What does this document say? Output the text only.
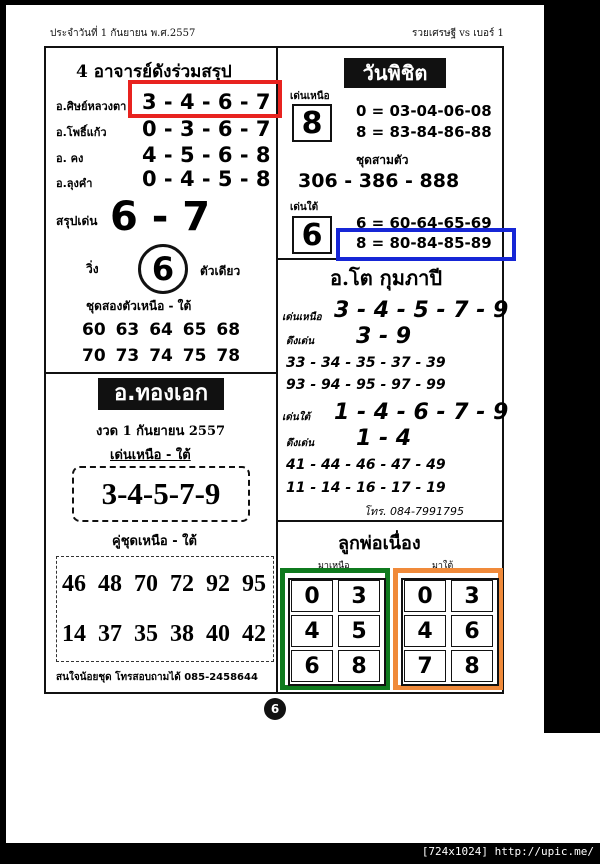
ประจำวันที่ 1 กันยายน พ.ศ.2557	รวยเศรษฐี vs เบอร์ 1
4 อาจารย์ดังร่วมสรุป
อ.ศิษย์หลวงตา 3 - 4 - 6 - 7
อ.โพธิ์แก้ว 0 - 3 - 6 - 7
อ. คง	4 - 5 - 6 - 8
อ.ลุงคำ 0 - 4 - 5 - 8
สรุปเด่น 6 - 7
วิ่ง	6	ตัวเดียว
ชุดสองตัวเหนือ - ใต้
60 63 64 65 68
70 73 74 75 78
อ.ทองเอก
งวด 1 กันยายน 2557
เด่นเหนือ - ใต้
3-4-5-7-9
คู่ชุดเหนือ - ใต้
46 48 70 72 92 95
14 37 35 38 40 42
สนใจน้อยชุด โทรสอบถามได้ 085-2458644
วันพิชิต
เด่นเหนือ
8	0 = 03-04-06-08
8 = 83-84-86-88
ชุดสามตัว
306 - 386 - 888
เด่นใต้
6	6 = 60-64-65-69
8 = 80-84-85-89
อ.โต กุมภาปี
เด่นเหนือ 3 - 4 - 5 - 7 - 9
ดึงเด่น 3 - 9
33 - 34 - 35 - 37 - 39
93 - 94 - 95 - 97 - 99
เด่นใต้ 1 - 4 - 6 - 7 - 9
ดึงเด่น 1 - 4
41 - 44 - 46 - 47 - 49
11 - 14 - 16 - 17 - 19
โทร. 084-7991795
ลูกพ่อเนื่อง
มาเหนือ	มาใต้
0	3
4	5
6	8
0	3
4	6
7	8
6
[724x1024] http://upic.me/
